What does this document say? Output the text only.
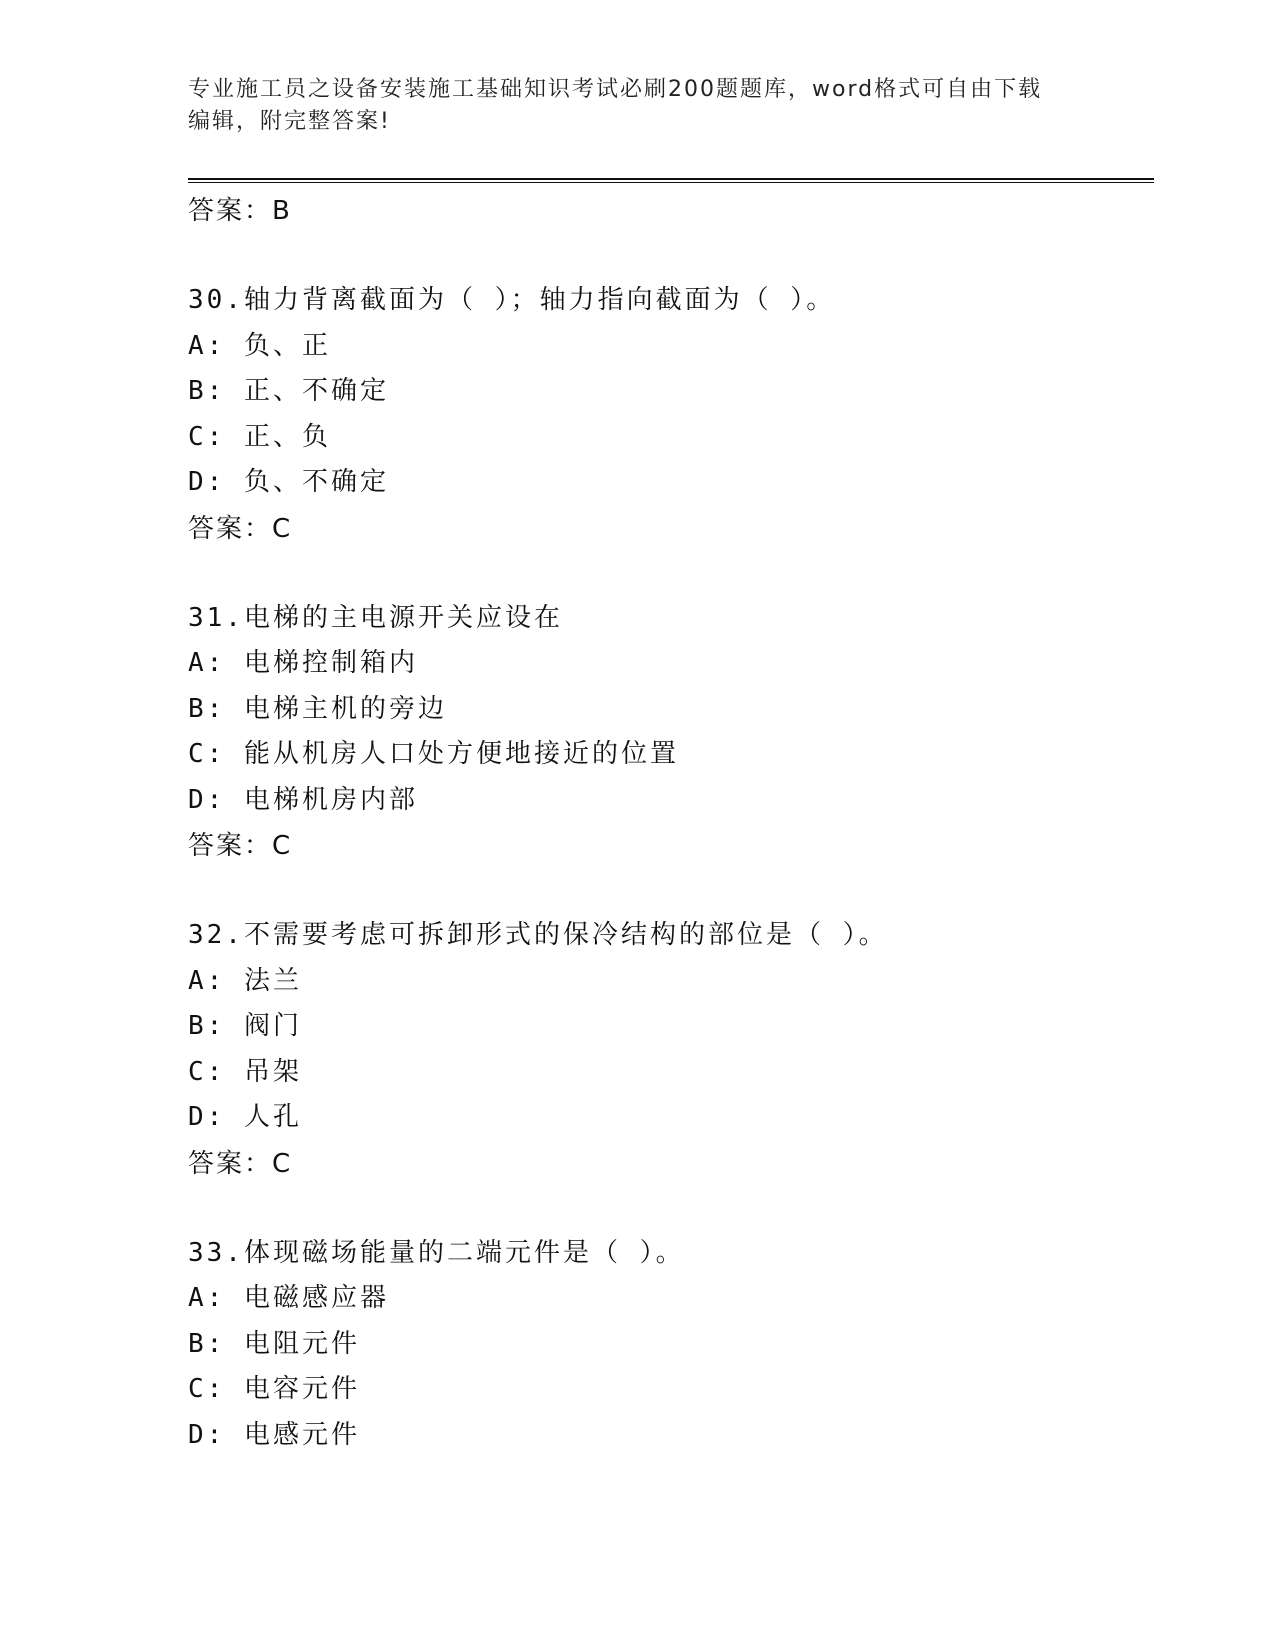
专业施工员之设备安装施工基础知识考试必刷200题题库，word格式可自由下载
编辑，附完整答案!
答案：B
30.轴力背离截面为（ ）；轴力指向截面为（ ）。
A: 负、正
B: 正、不确定
C: 正、负
D: 负、不确定
答案：C
31.电梯的主电源开关应设在
A: 电梯控制箱内
B: 电梯主机的旁边
C: 能从机房人口处方便地接近的位置
D: 电梯机房内部
答案：C
32.不需要考虑可拆卸形式的保冷结构的部位是（ ）。
A: 法兰
B: 阀门
C: 吊架
D: 人孔
答案：C
33.体现磁场能量的二端元件是（ ）。
A: 电磁感应器
B: 电阻元件
C: 电容元件
D: 电感元件
